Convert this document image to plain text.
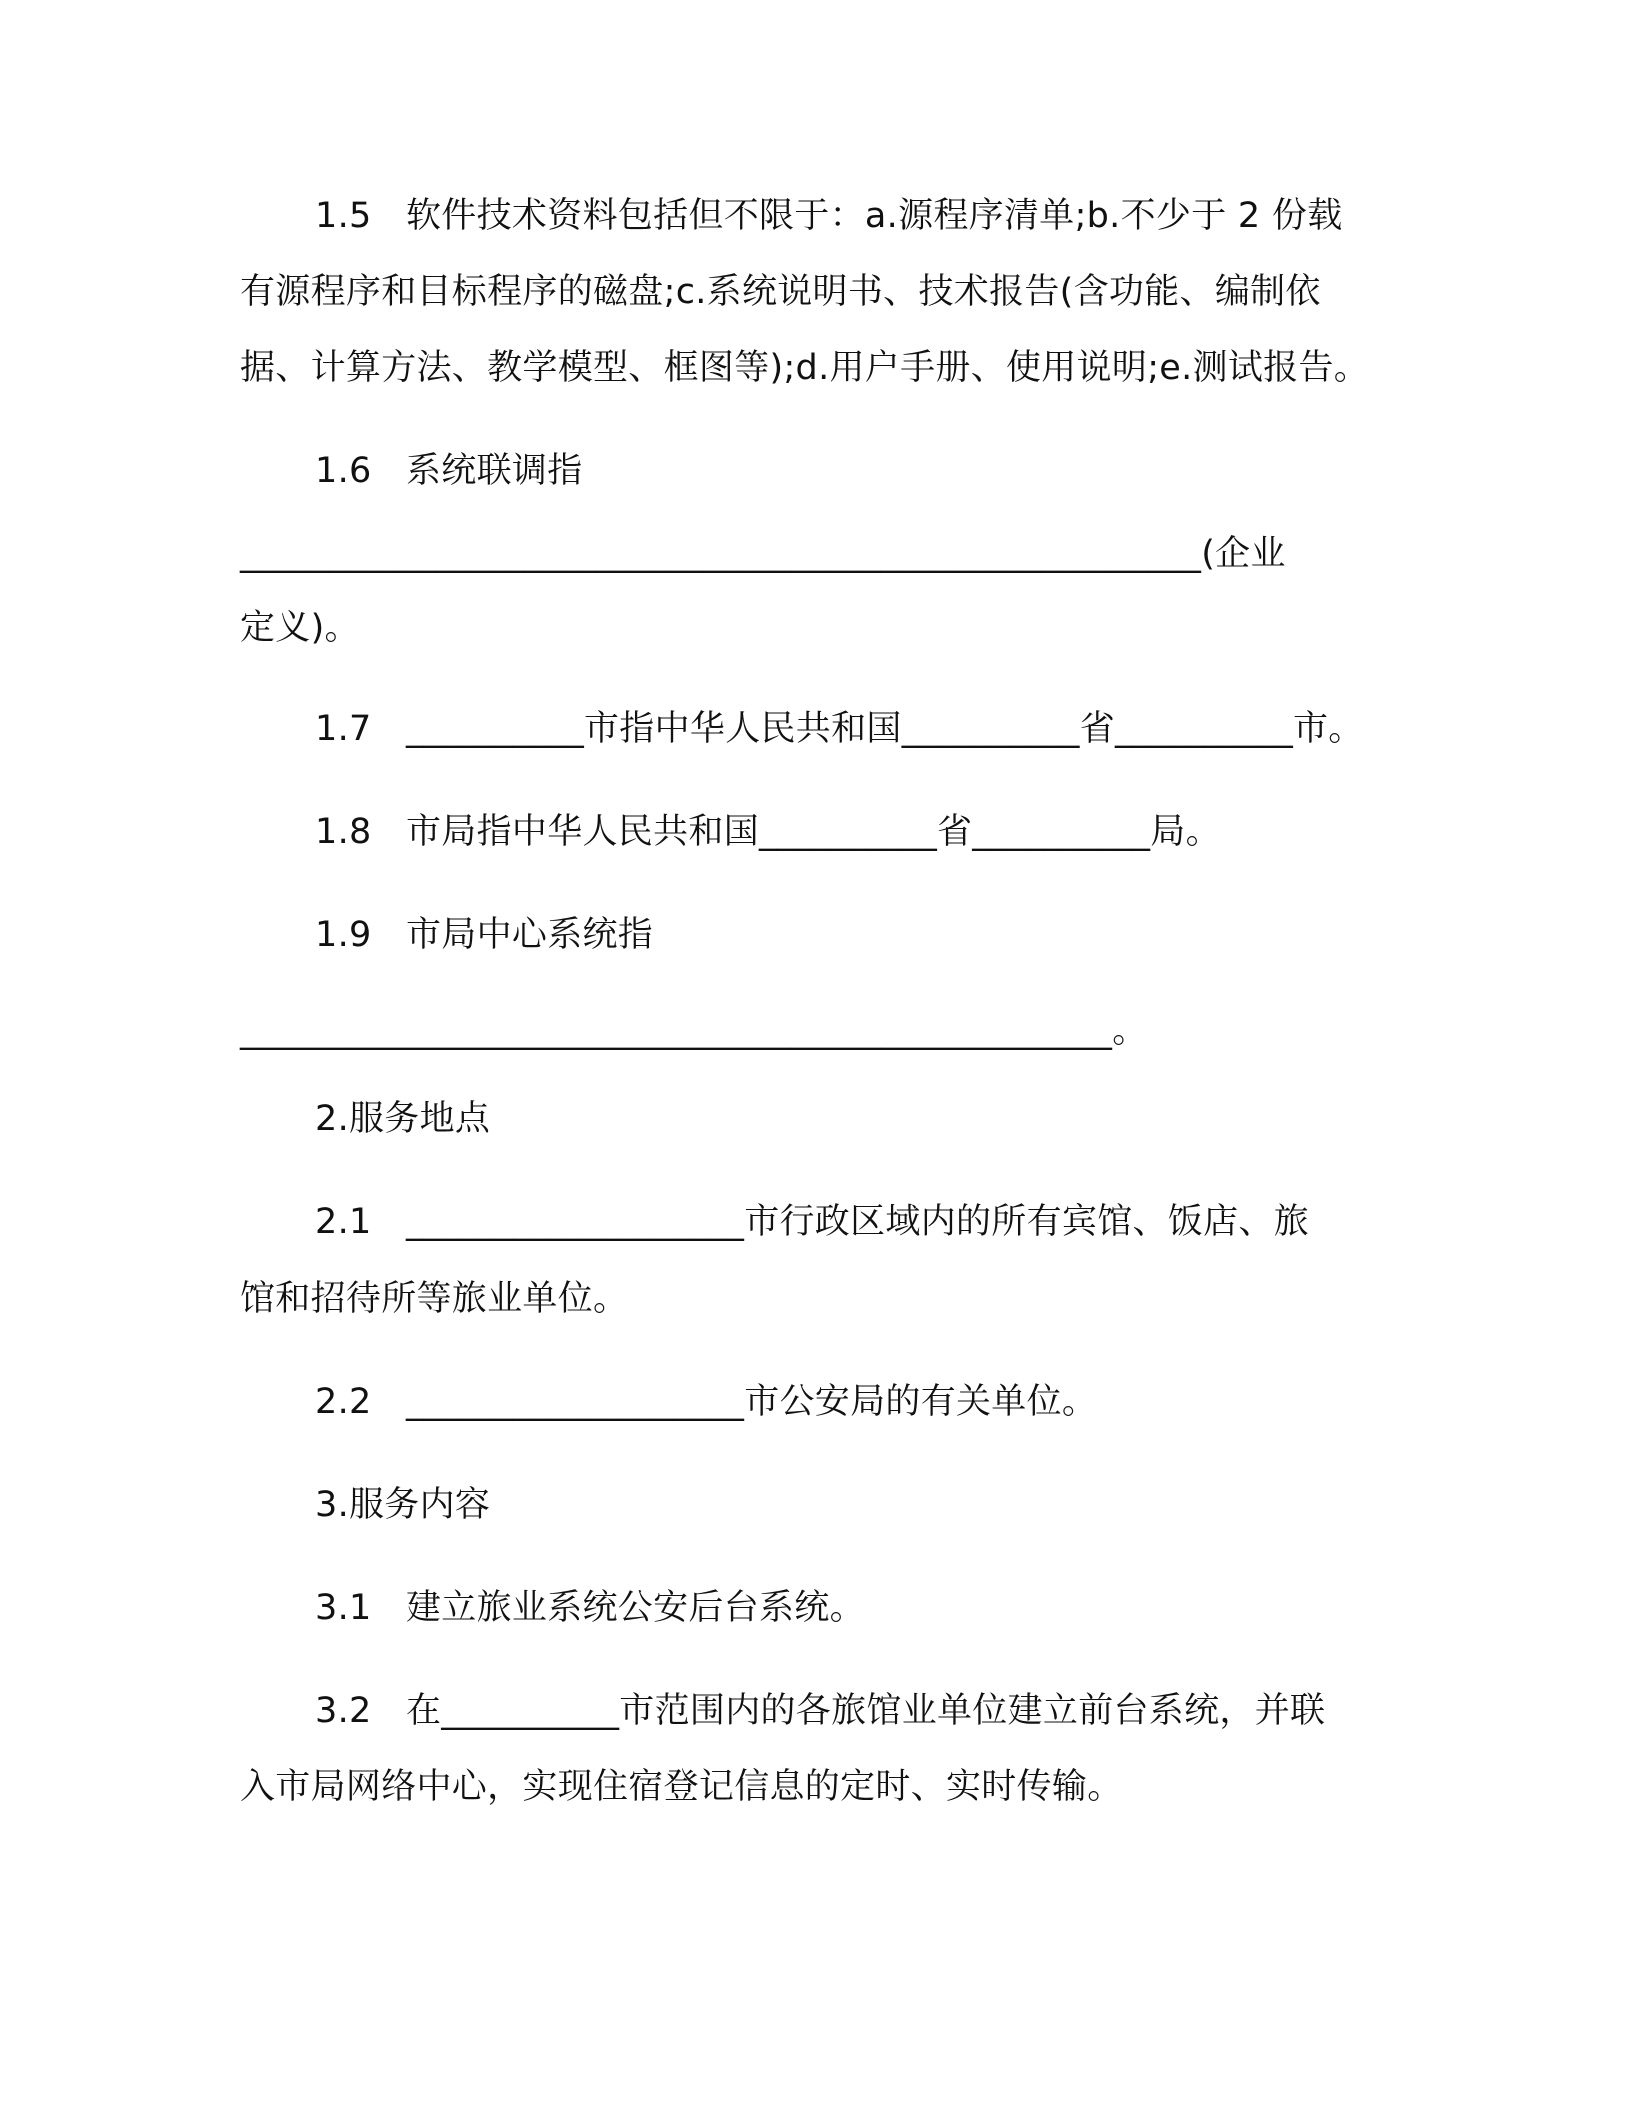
1.5 软件技术资料包括但不限于：a.源程序清单;b.不少于 2 份载
有源程序和目标程序的磁盘;c.系统说明书、技术报告(含功能、编制依
据、计算方法、教学模型、框图等);d.用户手册、使用说明;e.测试报告。
1.6 系统联调指
______________________________________________________(企业
定义)。
1.7 __________市指中华人民共和国__________省__________市。
1.8 市局指中华人民共和国__________省__________局。
1.9 市局中心系统指
_________________________________________________。
2.服务地点
2.1 ___________________市行政区域内的所有宾馆、饭店、旅
馆和招待所等旅业单位。
2.2 ___________________市公安局的有关单位。
3.服务内容
3.1 建立旅业系统公安后台系统。
3.2 在__________市范围内的各旅馆业单位建立前台系统，并联
入市局网络中心，实现住宿登记信息的定时、实时传输。
